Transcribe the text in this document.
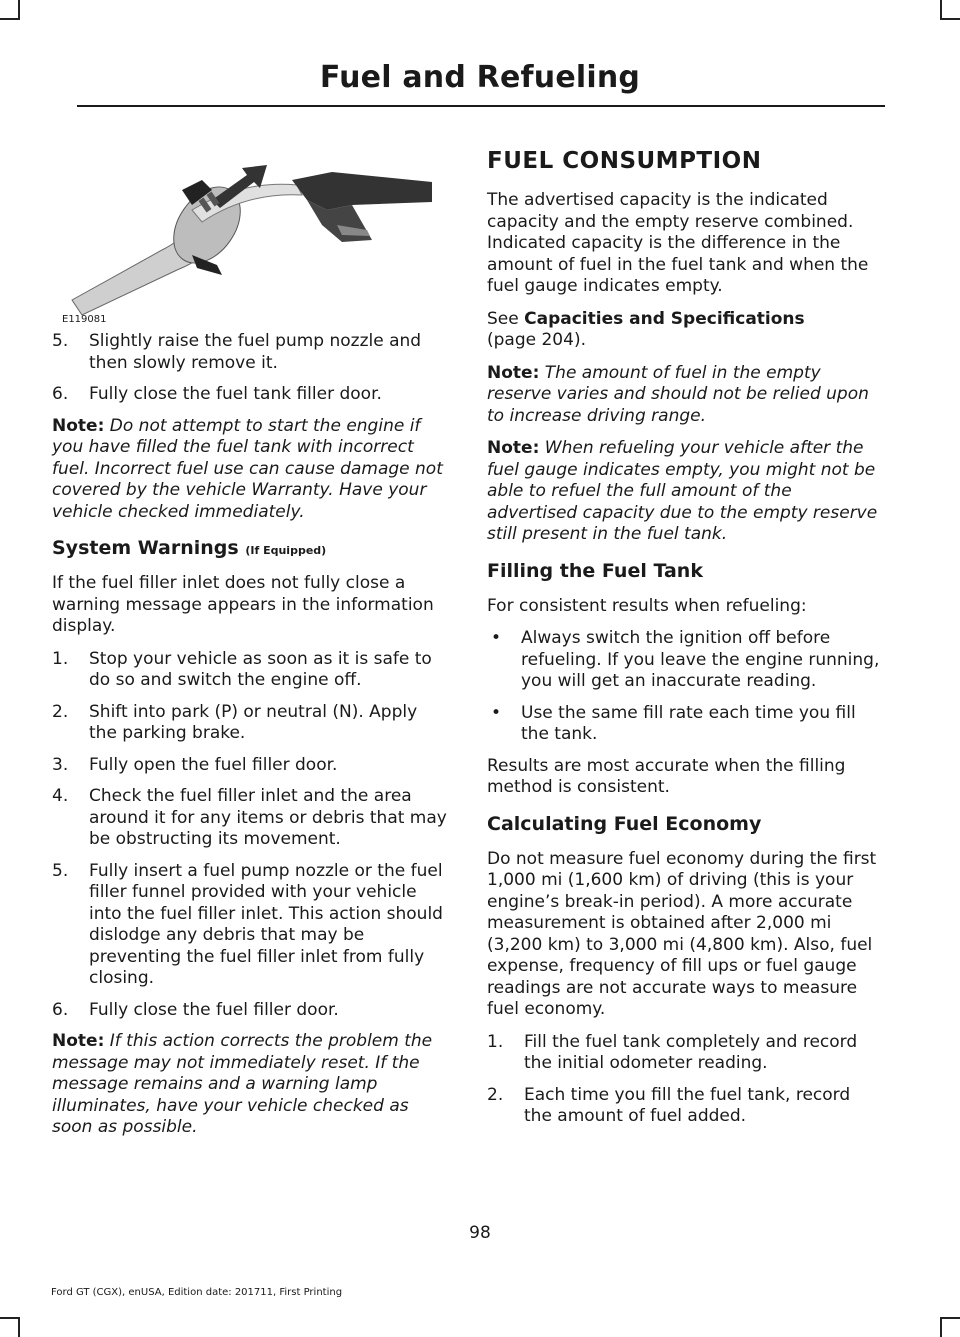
Fuel and Refueling
E119081
5.	Slightly raise the fuel pump nozzle and then slowly remove it.
6.	Fully close the fuel tank filler door.

Note: Do not attempt to start the engine if you have filled the fuel tank with incorrect fuel. Incorrect fuel use can cause damage not covered by the vehicle Warranty. Have your vehicle checked immediately.

System Warnings (If Equipped)

If the fuel filler inlet does not fully close a warning message appears in the information display.

1.	Stop your vehicle as soon as it is safe to do so and switch the engine off.
2.	Shift into park (P) or neutral (N). Apply the parking brake.
3.	Fully open the fuel filler door.
4.	Check the fuel filler inlet and the area around it for any items or debris that may be obstructing its movement.
5.	Fully insert a fuel pump nozzle or the fuel filler funnel provided with your vehicle into the fuel filler inlet. This action should dislodge any debris that may be preventing the fuel filler inlet from fully closing.
6.	Fully close the fuel filler door.

Note: If this action corrects the problem the message may not immediately reset. If the message remains and a warning lamp illuminates, have your vehicle checked as soon as possible.

FUEL CONSUMPTION

The advertised capacity is the indicated capacity and the empty reserve combined. Indicated capacity is the difference in the amount of fuel in the fuel tank and when the fuel gauge indicates empty.

See Capacities and Specifications
(page 204).

Note: The amount of fuel in the empty reserve varies and should not be relied upon to increase driving range.

Note: When refueling your vehicle after the fuel gauge indicates empty, you might not be able to refuel the full amount of the advertised capacity due to the empty reserve still present in the fuel tank.

Filling the Fuel Tank

For consistent results when refueling:

•	Always switch the ignition off before refueling. If you leave the engine running, you will get an inaccurate reading.
•	Use the same fill rate each time you fill the tank.

Results are most accurate when the filling method is consistent.

Calculating Fuel Economy

Do not measure fuel economy during the first 1,000 mi (1,600 km) of driving (this is your engine’s break-in period). A more accurate measurement is obtained after 2,000 mi (3,200 km) to 3,000 mi (4,800 km). Also, fuel expense, frequency of fill ups or fuel gauge readings are not accurate ways to measure fuel economy.

1.	Fill the fuel tank completely and record the initial odometer reading.
2.	Each time you fill the fuel tank, record the amount of fuel added.
98
Ford GT (CGX), enUSA, Edition date: 201711, First Printing
